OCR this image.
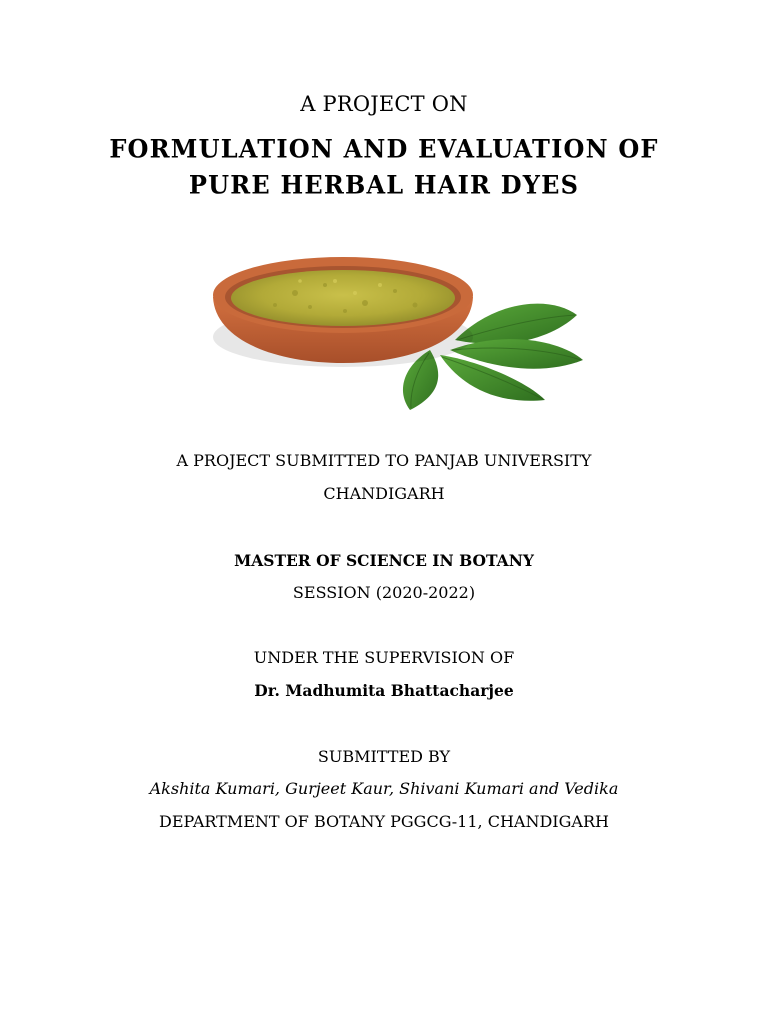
A PROJECT ON
FORMULATION AND EVALUATION OF
PURE HERBAL HAIR DYES
A PROJECT SUBMITTED TO PANJAB UNIVERSITY
CHANDIGARH
MASTER OF SCIENCE IN BOTANY
SESSION (2020-2022)
UNDER THE SUPERVISION OF
Dr. Madhumita Bhattacharjee
SUBMITTED BY
Akshita Kumari, Gurjeet Kaur, Shivani Kumari and Vedika
DEPARTMENT OF BOTANY PGGCG-11, CHANDIGARH
